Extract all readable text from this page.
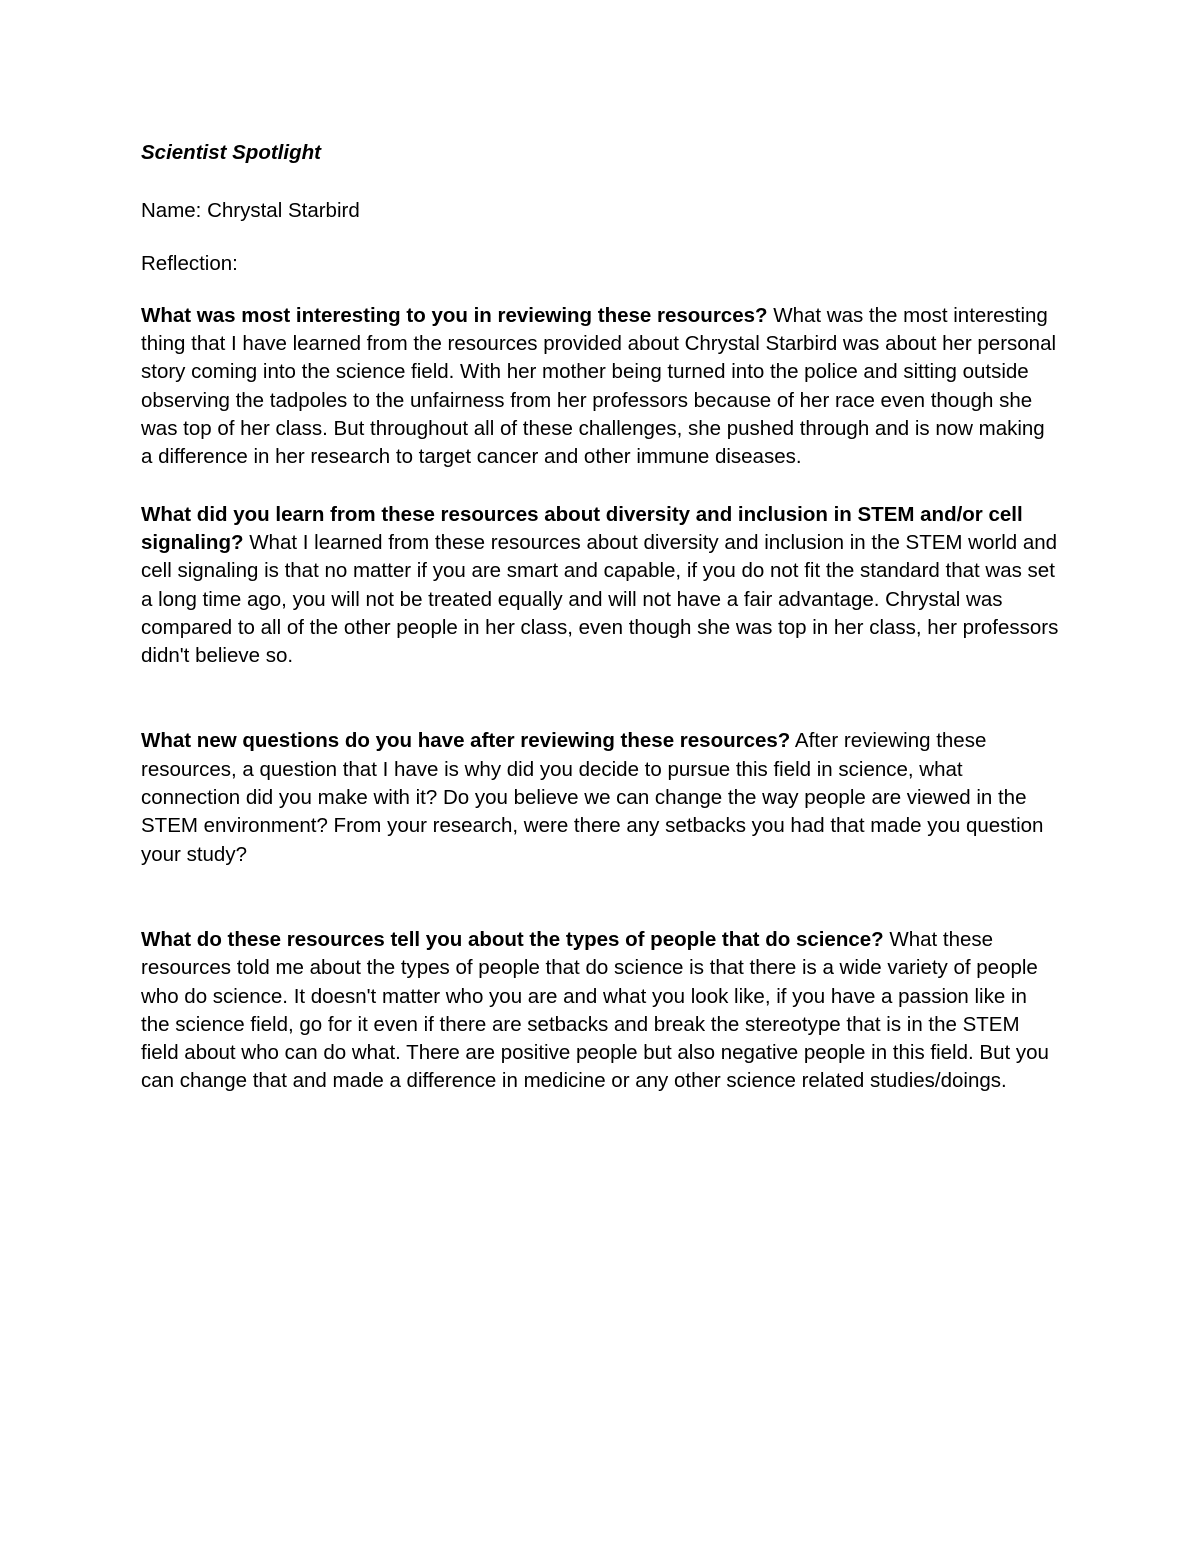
Scientist Spotlight

Name: Chrystal Starbird

Reflection:

What was most interesting to you in reviewing these resources? What was the most interesting thing that I have learned from the resources provided about Chrystal Starbird was about her personal story coming into the science field. With her mother being turned into the police and sitting outside observing the tadpoles to the unfairness from her professors because of her race even though she was top of her class. But throughout all of these challenges, she pushed through and is now making a difference in her research to target cancer and other immune diseases.

What did you learn from these resources about diversity and inclusion in STEM and/or cell signaling? What I learned from these resources about diversity and inclusion in the STEM world and cell signaling is that no matter if you are smart and capable, if you do not fit the standard that was set a long time ago, you will not be treated equally and will not have a fair advantage. Chrystal was compared to all of the other people in her class, even though she was top in her class, her professors didn't believe so.

What new questions do you have after reviewing these resources? After reviewing these resources, a question that I have is why did you decide to pursue this field in science, what connection did you make with it? Do you believe we can change the way people are viewed in the STEM environment? From your research, were there any setbacks you had that made you question your study?

What do these resources tell you about the types of people that do science? What these resources told me about the types of people that do science is that there is a wide variety of people who do science. It doesn't matter who you are and what you look like, if you have a passion like in the science field, go for it even if there are setbacks and break the stereotype that is in the STEM field about who can do what. There are positive people but also negative people in this field. But you can change that and made a difference in medicine or any other science related studies/doings.
